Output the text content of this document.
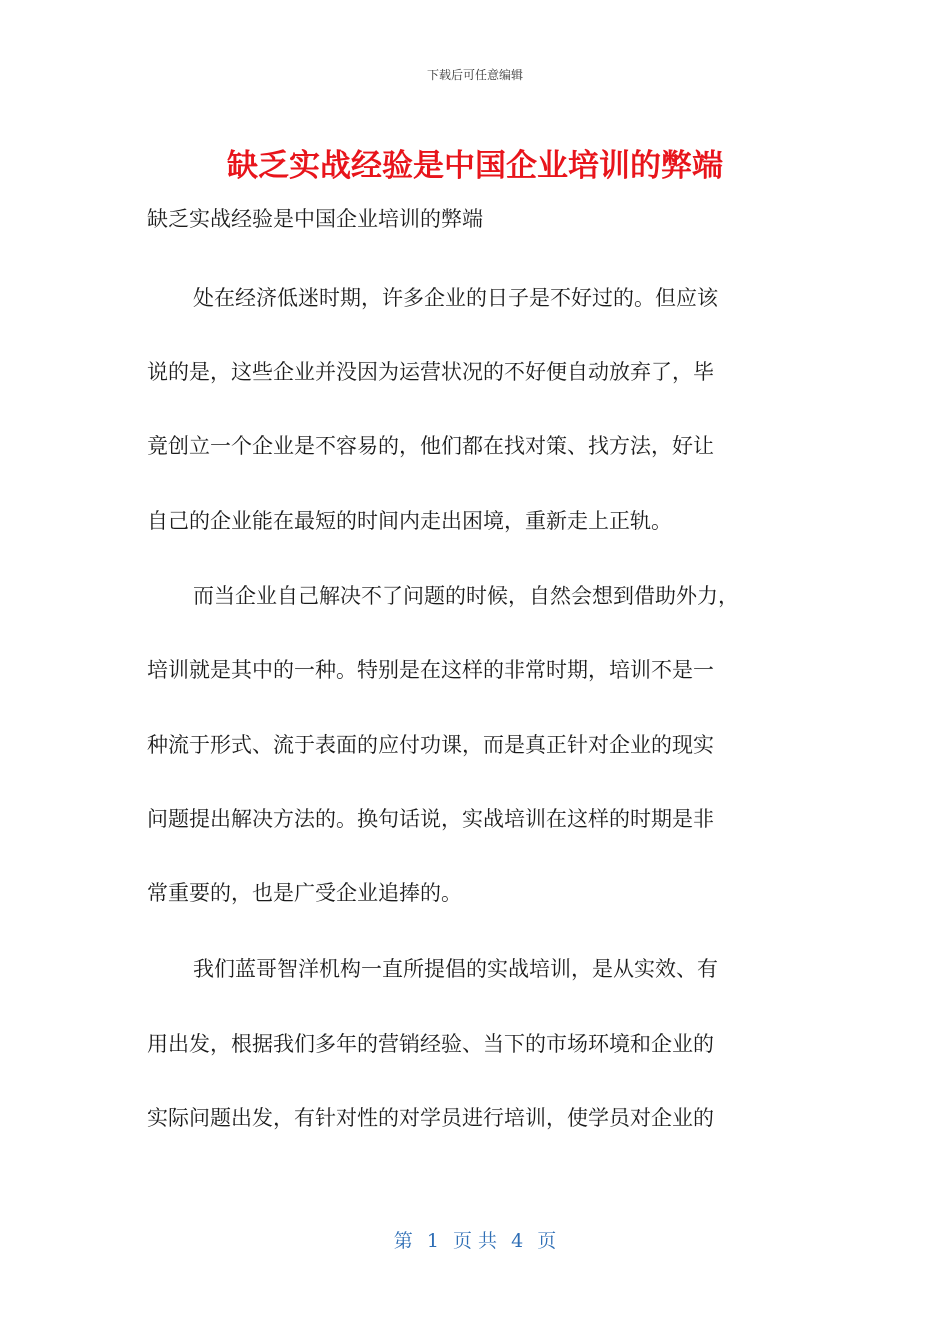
下载后可任意编辑
缺乏实战经验是中国企业培训的弊端

缺乏实战经验是中国企业培训的弊端

处在经济低迷时期，许多企业的日子是不好过的。但应该

说的是，这些企业并没因为运营状况的不好便自动放弃了，毕

竟创立一个企业是不容易的，他们都在找对策、找方法，好让

自己的企业能在最短的时间内走出困境，重新走上正轨。

而当企业自己解决不了问题的时候，自然会想到借助外力，

培训就是其中的一种。特别是在这样的非常时期，培训不是一

种流于形式、流于表面的应付功课，而是真正针对企业的现实

问题提出解决方法的。换句话说，实战培训在这样的时期是非

常重要的，也是广受企业追捧的。

我们蓝哥智洋机构一直所提倡的实战培训，是从实效、有

用出发，根据我们多年的营销经验、当下的市场环境和企业的

实际问题出发，有针对性的对学员进行培训，使学员对企业的

第 1 页 共 4 页
